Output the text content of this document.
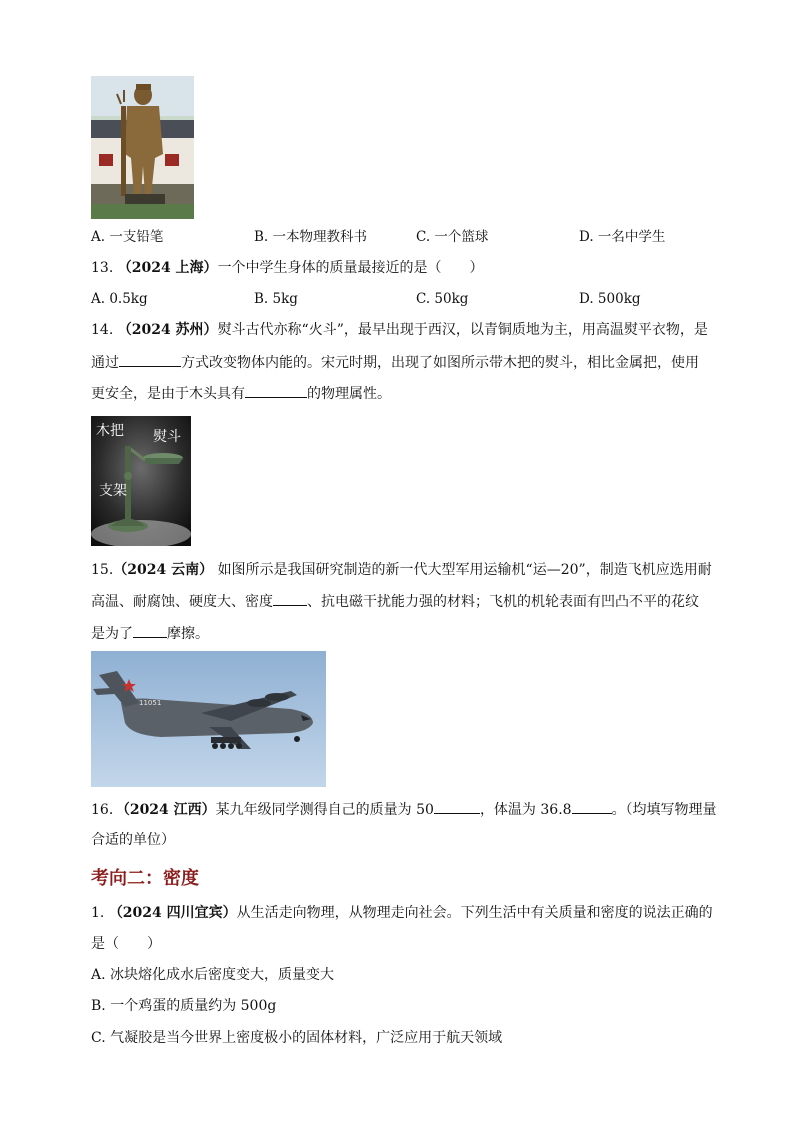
A. 一支铅笔	B. 一本物理教科书	C. 一个篮球	D. 一名中学生
13. （2024 上海）一个中学生身体的质量最接近的是（　　）
A. 0.5kg	B. 5kg	C. 50kg	D. 500kg
14. （2024 苏州）熨斗古代亦称“火斗”，最早出现于西汉，以青铜质地为主，用高温熨平衣物，是
通过	方式改变物体内能的。宋元时期，出现了如图所示带木把的熨斗，相比金属把，使用
更安全，是由于木头具有	的物理属性。
木把 熨斗
支架
15.（2024 云南） 如图所示是我国研究制造的新一代大型军用运输机“运—20”，制造飞机应选用耐
高温、耐腐蚀、硬度大、密度 、抗电磁干扰能力强的材料；飞机的机轮表面有凹凸不平的花纹
是为了 摩擦。
11051
16．（2024 江西）某九年级同学测得自己的质量为 50	，体温为 36.8	。（均填写物理量
合适的单位）
考向二：密度
1. （2024 四川宜宾）从生活走向物理，从物理走向社会。下列生活中有关质量和密度的说法正确的
是（　　）
A. 冰块熔化成水后密度变大，质量变大
B. 一个鸡蛋的质量约为 500g
C. 气凝胶是当今世界上密度极小的固体材料，广泛应用于航天领域
